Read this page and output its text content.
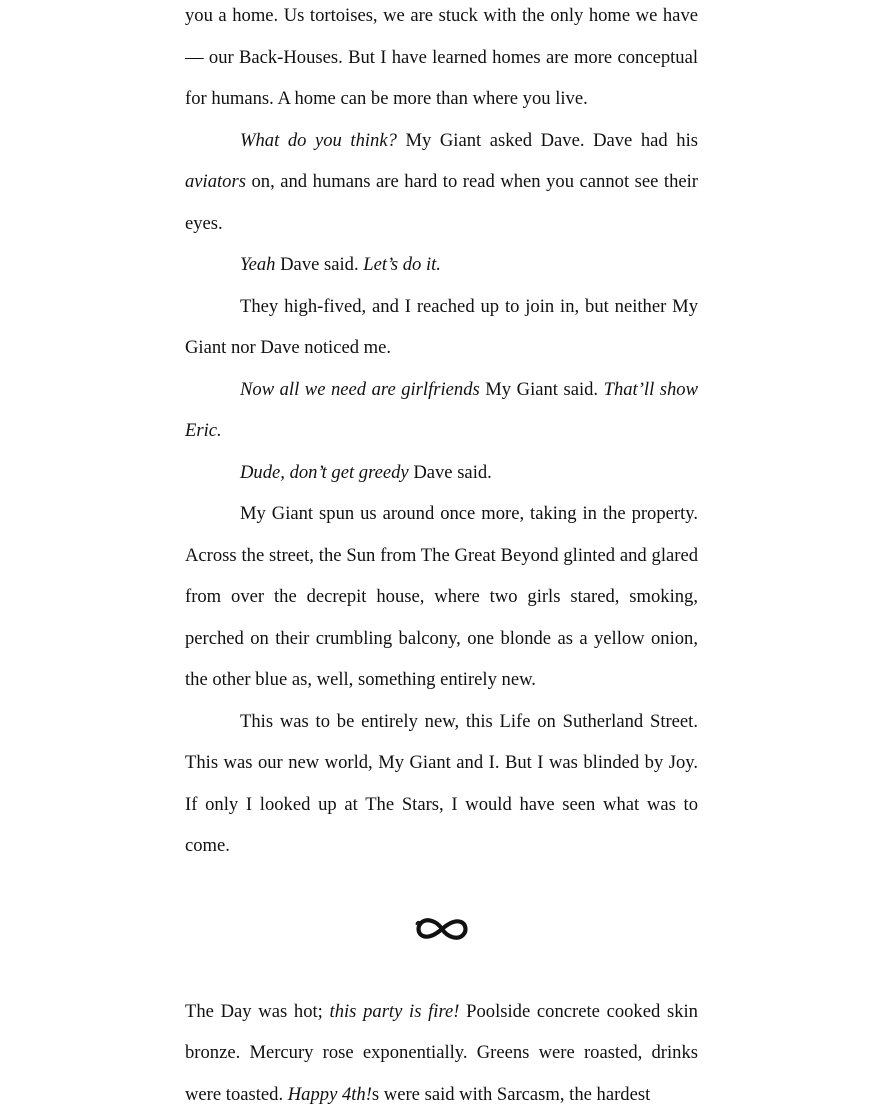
you a home. Us tortoises, we are stuck with the only home we have — our Back-Houses. But I have learned homes are more conceptual for humans. A home can be more than where you live.

What do you think? My Giant asked Dave. Dave had his aviators on, and humans are hard to read when you cannot see their eyes.

Yeah Dave said. Let’s do it.

They high-fived, and I reached up to join in, but neither My Giant nor Dave noticed me.

Now all we need are girlfriends My Giant said. That’ll show Eric.

Dude, don’t get greedy Dave said.

My Giant spun us around once more, taking in the property. Across the street, the Sun from The Great Beyond glinted and glared from over the decrepit house, where two girls stared, smoking, perched on their crumbling balcony, one blonde as a yellow onion, the other blue as, well, something entirely new.

This was to be entirely new, this Life on Sutherland Street. This was our new world, My Giant and I. But I was blinded by Joy. If only I looked up at The Stars, I would have seen what was to come.

The Day was hot; this party is fire! Poolside concrete cooked skin bronze. Mercury rose exponentially. Greens were roasted, drinks were toasted. Happy 4th!s were said with Sarcasm, the hardest
